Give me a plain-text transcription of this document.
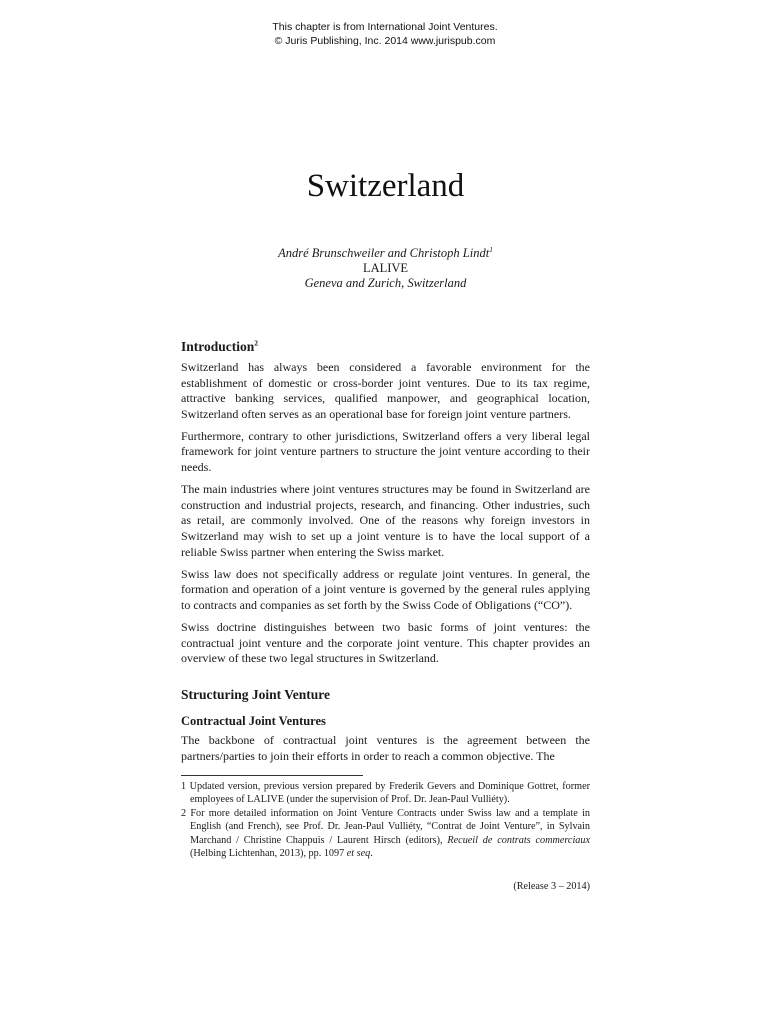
This chapter is from International Joint Ventures.
© Juris Publishing, Inc. 2014 www.jurispub.com
Switzerland
André Brunschweiler and Christoph Lindt$^1$
LALIVE
Geneva and Zurich, Switzerland
Introduction$^2$

Switzerland has always been considered a favorable environment for the establishment of domestic or cross-border joint ventures. Due to its tax regime, attractive banking services, qualified manpower, and geographical location, Switzerland often serves as an operational base for foreign joint venture partners.

Furthermore, contrary to other jurisdictions, Switzerland offers a very liberal legal framework for joint venture partners to structure the joint venture according to their needs.

The main industries where joint ventures structures may be found in Switzerland are construction and industrial projects, research, and financing. Other industries, such as retail, are commonly involved. One of the reasons why foreign investors in Switzerland may wish to set up a joint venture is to have the local support of a reliable Swiss partner when entering the Swiss market.

Swiss law does not specifically address or regulate joint ventures. In general, the formation and operation of a joint venture is governed by the general rules applying to contracts and companies as set forth by the Swiss Code of Obligations (“CO”).

Swiss doctrine distinguishes between two basic forms of joint ventures: the contractual joint venture and the corporate joint venture. This chapter provides an overview of these two legal structures in Switzerland.

Structuring Joint Venture
Contractual Joint Ventures

The backbone of contractual joint ventures is the agreement between the partners/parties to join their efforts in order to reach a common objective. The

1 Updated version, previous version prepared by Frederik Gevers and Dominique Gottret, former employees of LALIVE (under the supervision of Prof. Dr. Jean-Paul Vulliéty).

2 For more detailed information on Joint Venture Contracts under Swiss law and a template in English (and French), see Prof. Dr. Jean-Paul Vulliéty, “Contrat de Joint Venture”, in Sylvain Marchand / Christine Chappuis / Laurent Hirsch (editors), Recueil de contrats commerciaux (Helbing Lichtenhan, 2013), pp. 1097 et seq.

(Release 3 – 2014)
